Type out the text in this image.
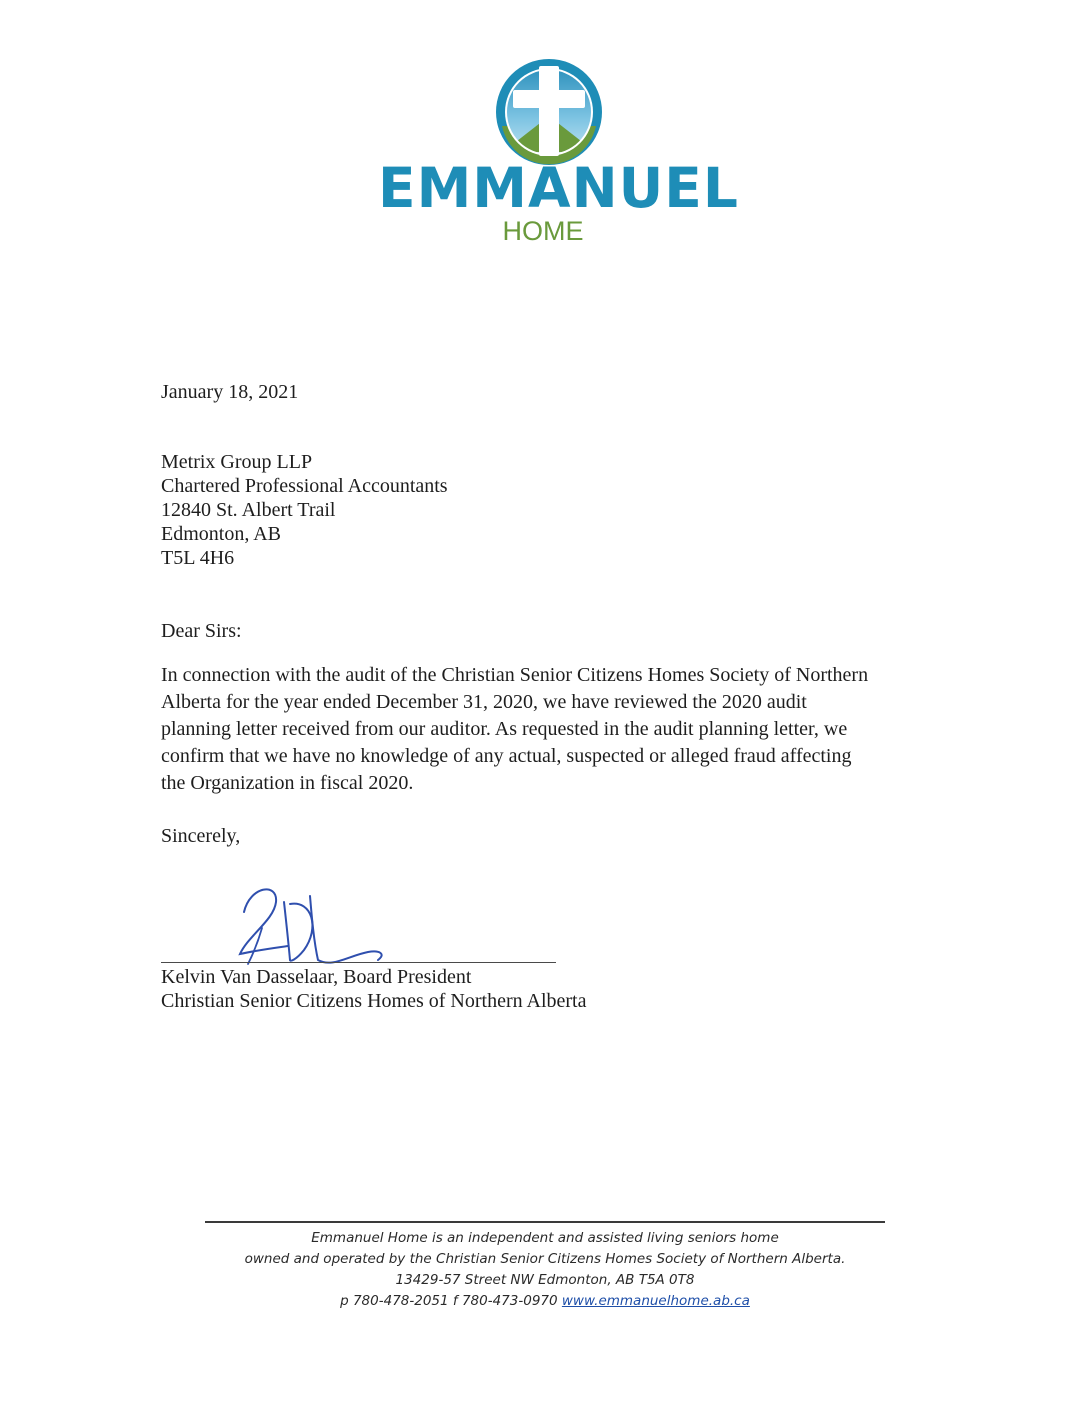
EMMANUEL
HOME

January 18, 2021

Metrix Group LLP
Chartered Professional Accountants
12840 St. Albert Trail
Edmonton, AB
T5L 4H6

Dear Sirs:

In connection with the audit of the Christian Senior Citizens Homes Society of Northern
Alberta for the year ended December 31, 2020, we have reviewed the 2020 audit
planning letter received from our auditor. As requested in the audit planning letter, we
confirm that we have no knowledge of any actual, suspected or alleged fraud affecting
the Organization in fiscal 2020.

Sincerely,

Kelvin Van Dasselaar, Board President
Christian Senior Citizens Homes of Northern Alberta
Emmanuel Home is an independent and assisted living seniors home
owned and operated by the Christian Senior Citizens Homes Society of Northern Alberta.
13429-57 Street NW Edmonton, AB T5A 0T8
p 780-478-2051 f 780-473-0970 www.emmanuelhome.ab.ca
